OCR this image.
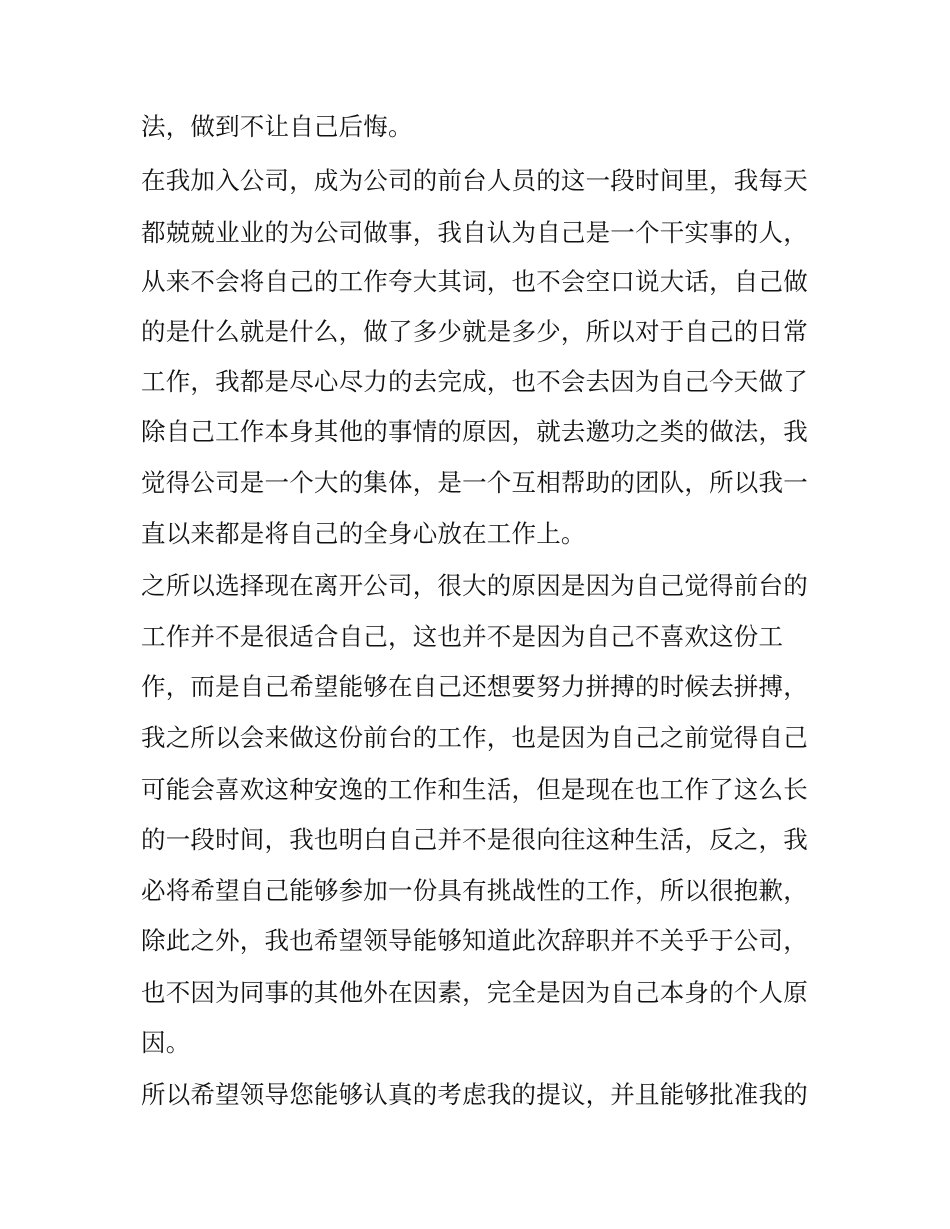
法，做到不让自己后悔。
在我加入公司，成为公司的前台人员的这一段时间里，我每天
都兢兢业业的为公司做事，我自认为自己是一个干实事的人，
从来不会将自己的工作夸大其词，也不会空口说大话，自己做
的是什么就是什么，做了多少就是多少，所以对于自己的日常
工作，我都是尽心尽力的去完成，也不会去因为自己今天做了
除自己工作本身其他的事情的原因，就去邀功之类的做法，我
觉得公司是一个大的集体，是一个互相帮助的团队，所以我一
直以来都是将自己的全身心放在工作上。
之所以选择现在离开公司，很大的原因是因为自己觉得前台的
工作并不是很适合自己，这也并不是因为自己不喜欢这份工
作，而是自己希望能够在自己还想要努力拼搏的时候去拼搏，
我之所以会来做这份前台的工作，也是因为自己之前觉得自己
可能会喜欢这种安逸的工作和生活，但是现在也工作了这么长
的一段时间，我也明白自己并不是很向往这种生活，反之，我
必将希望自己能够参加一份具有挑战性的工作，所以很抱歉，
除此之外，我也希望领导能够知道此次辞职并不关乎于公司，
也不因为同事的其他外在因素，完全是因为自己本身的个人原
因。
所以希望领导您能够认真的考虑我的提议，并且能够批准我的
